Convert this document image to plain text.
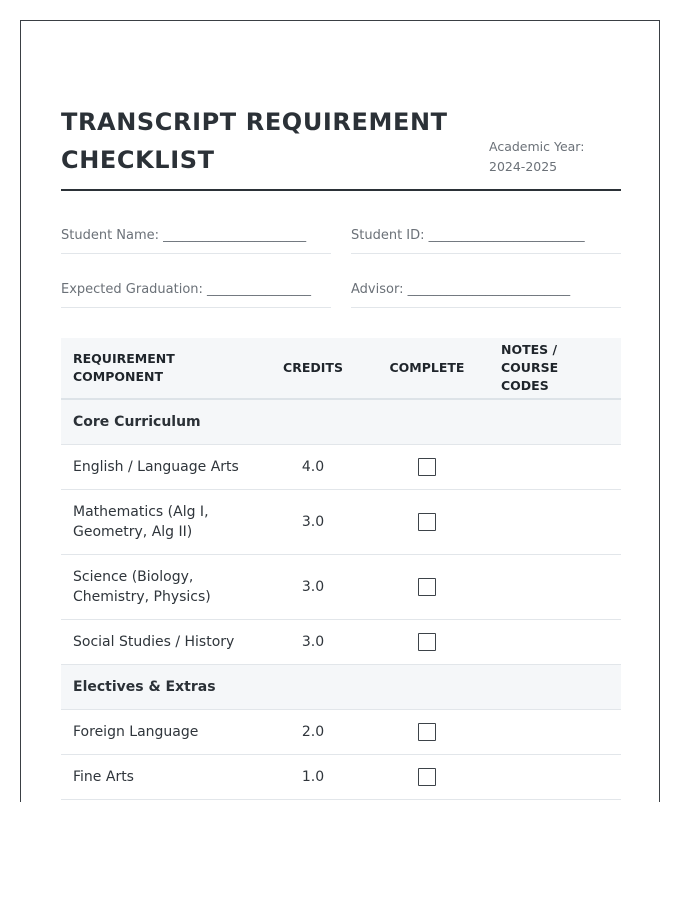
TRANSCRIPT REQUIREMENT CHECKLIST	Academic Year: 2024-2025
Student Name: ______________________	Student ID: ________________________
Expected Graduation: ________________	Advisor: _________________________
REQUIREMENT COMPONENT	CREDITS	COMPLETE	NOTES / COURSE CODES
Core Curriculum			
English / Language Arts	4.0		
Mathematics (Alg I, Geometry, Alg II)	3.0		
Science (Biology, Chemistry, Physics)	3.0		
Social Studies / History	3.0		
Electives & Extras			
Foreign Language	2.0		
Fine Arts	1.0		
